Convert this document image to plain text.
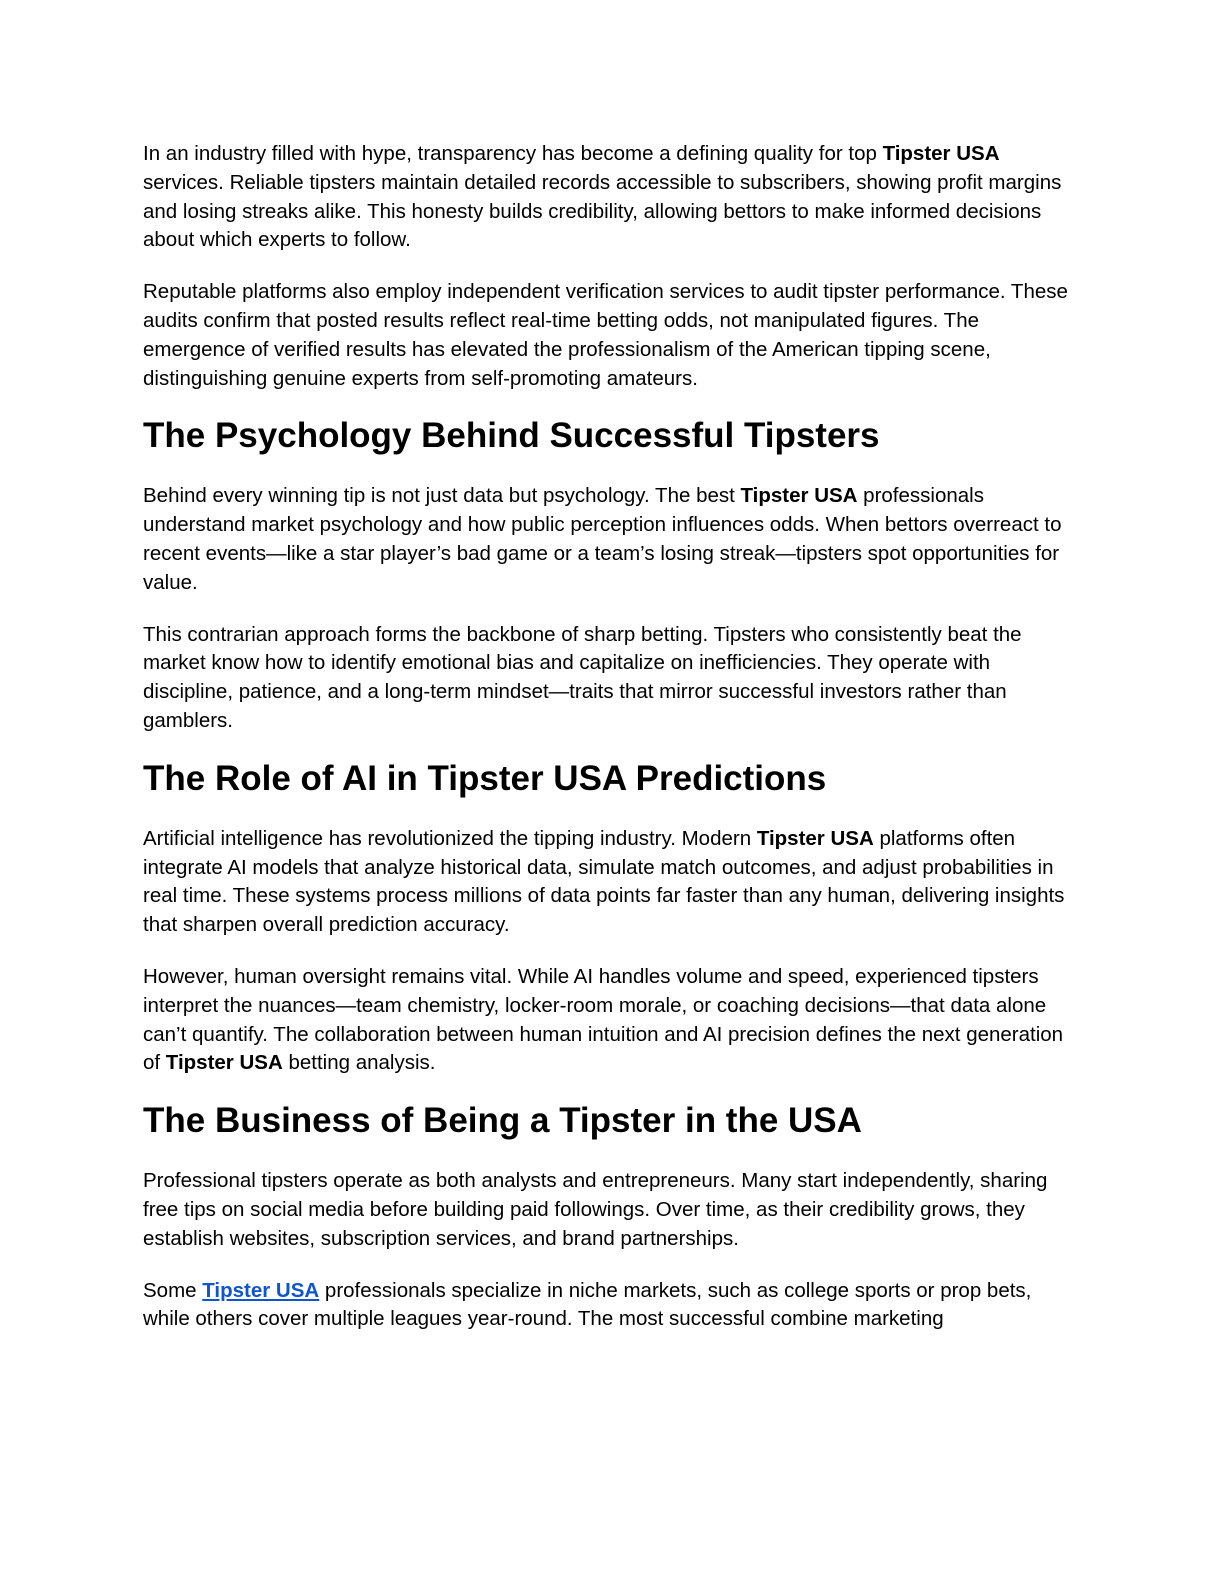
In an industry filled with hype, transparency has become a defining quality for top Tipster USA services. Reliable tipsters maintain detailed records accessible to subscribers, showing profit margins and losing streaks alike. This honesty builds credibility, allowing bettors to make informed decisions about which experts to follow.

Reputable platforms also employ independent verification services to audit tipster performance. These audits confirm that posted results reflect real-time betting odds, not manipulated figures. The emergence of verified results has elevated the professionalism of the American tipping scene, distinguishing genuine experts from self-promoting amateurs.

The Psychology Behind Successful Tipsters

Behind every winning tip is not just data but psychology. The best Tipster USA professionals understand market psychology and how public perception influences odds. When bettors overreact to recent events—like a star player’s bad game or a team’s losing streak—tipsters spot opportunities for value.

This contrarian approach forms the backbone of sharp betting. Tipsters who consistently beat the market know how to identify emotional bias and capitalize on inefficiencies. They operate with discipline, patience, and a long-term mindset—traits that mirror successful investors rather than gamblers.

The Role of AI in Tipster USA Predictions

Artificial intelligence has revolutionized the tipping industry. Modern Tipster USA platforms often integrate AI models that analyze historical data, simulate match outcomes, and adjust probabilities in real time. These systems process millions of data points far faster than any human, delivering insights that sharpen overall prediction accuracy.

However, human oversight remains vital. While AI handles volume and speed, experienced tipsters interpret the nuances—team chemistry, locker-room morale, or coaching decisions—that data alone can’t quantify. The collaboration between human intuition and AI precision defines the next generation of Tipster USA betting analysis.

The Business of Being a Tipster in the USA

Professional tipsters operate as both analysts and entrepreneurs. Many start independently, sharing free tips on social media before building paid followings. Over time, as their credibility grows, they establish websites, subscription services, and brand partnerships.

Some Tipster USA professionals specialize in niche markets, such as college sports or prop bets, while others cover multiple leagues year-round. The most successful combine marketing
